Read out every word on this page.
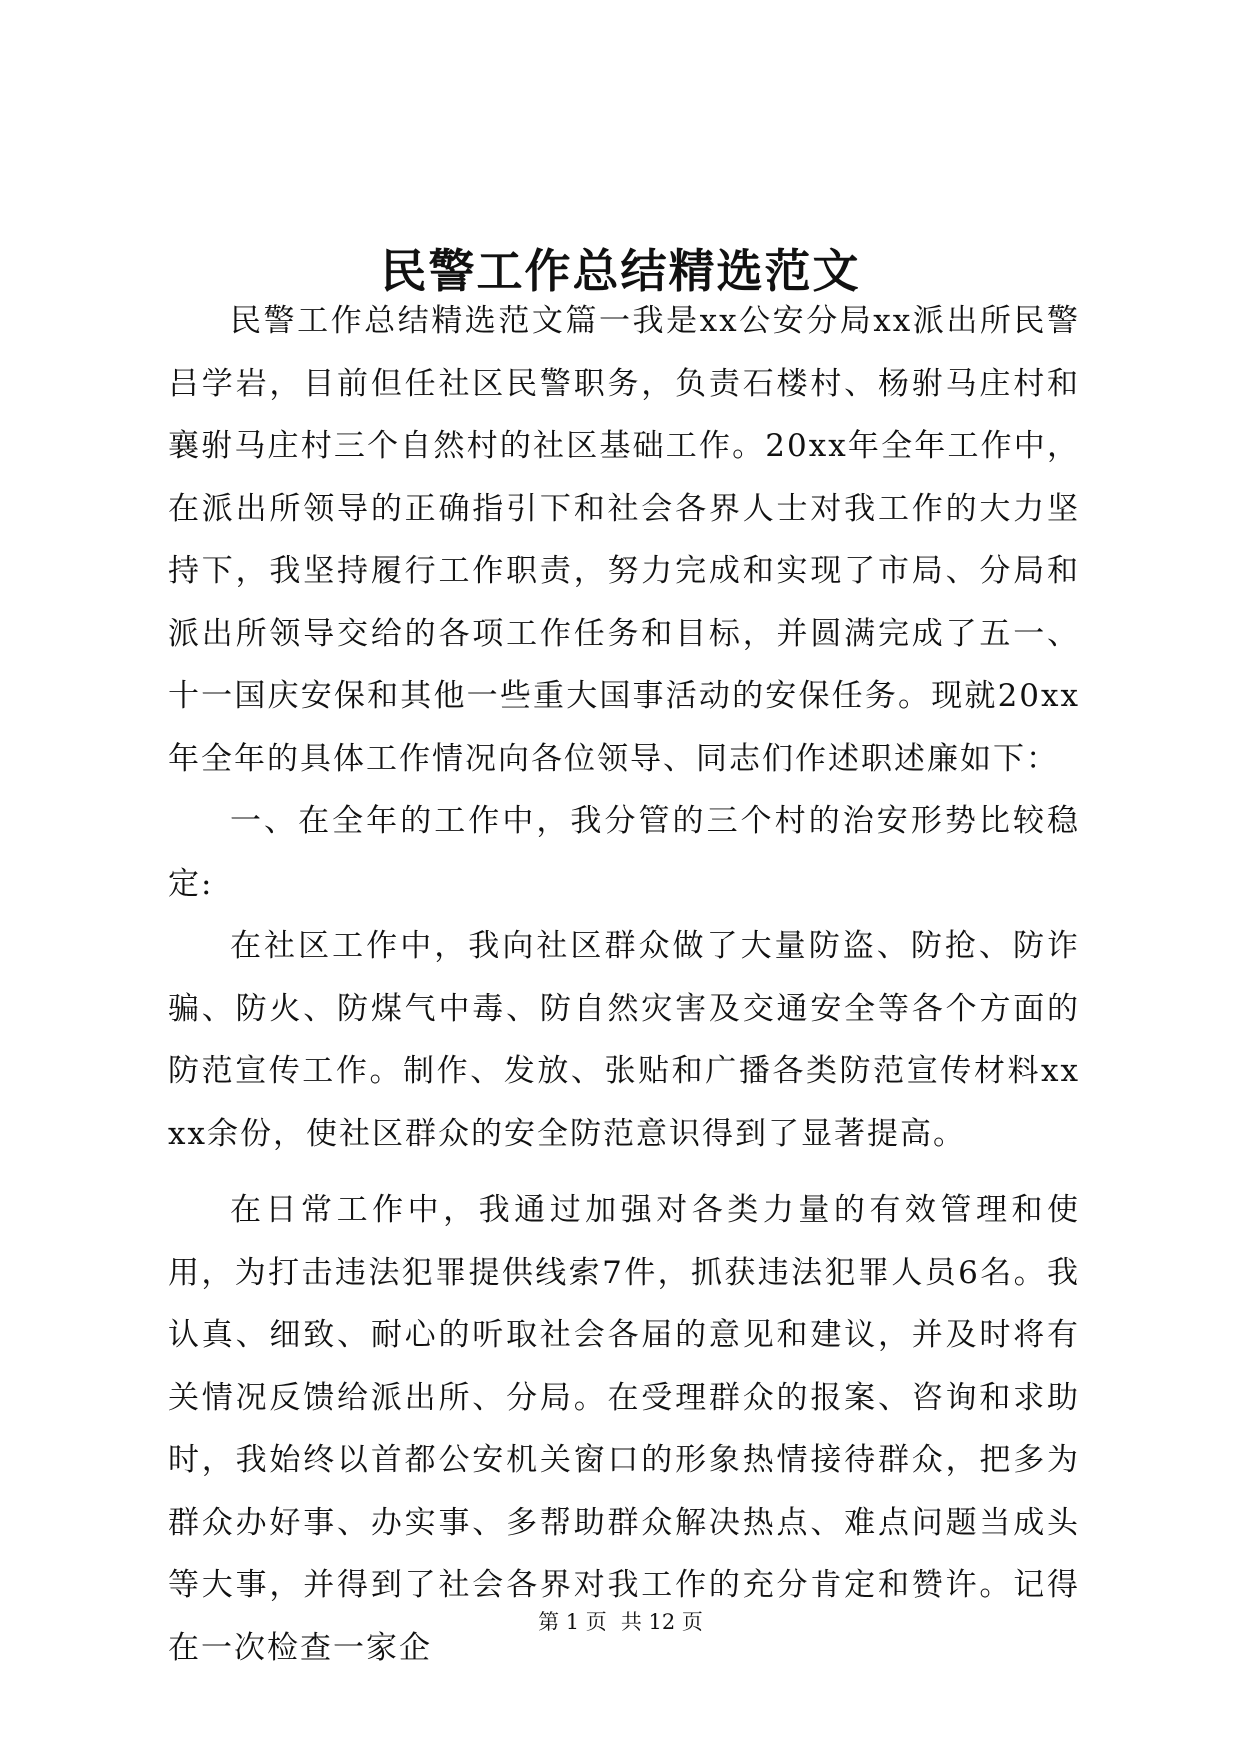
民警工作总结精选范文

民警工作总结精选范文篇一我是xx公安分局xx派出所民警吕学岩，目前但任社区民警职务，负责石楼村、杨驸马庄村和襄驸马庄村三个自然村的社区基础工作。20xx年全年工作中，在派出所领导的正确指引下和社会各界人士对我工作的大力坚持下，我坚持履行工作职责，努力完成和实现了市局、分局和派出所领导交给的各项工作任务和目标，并圆满完成了五一、十一国庆安保和其他一些重大国事活动的安保任务。现就20xx年全年的具体工作情况向各位领导、同志们作述职述廉如下：

一、在全年的工作中，我分管的三个村的治安形势比较稳定:

在社区工作中，我向社区群众做了大量防盗、防抢、防诈骗、防火、防煤气中毒、防自然灾害及交通安全等各个方面的防范宣传工作。制作、发放、张贴和广播各类防范宣传材料xxxx余份，使社区群众的安全防范意识得到了显著提高。

在日常工作中，我通过加强对各类力量的有效管理和使用，为打击违法犯罪提供线索7件，抓获违法犯罪人员6名。我认真、细致、耐心的听取社会各届的意见和建议，并及时将有关情况反馈给派出所、分局。在受理群众的报案、咨询和求助时，我始终以首都公安机关窗口的形象热情接待群众，把多为群众办好事、办实事、多帮助群众解决热点、难点问题当成头等大事，并得到了社会各界对我工作的充分肯定和赞许。记得在一次检查一家企

第 1 页 共 12 页
